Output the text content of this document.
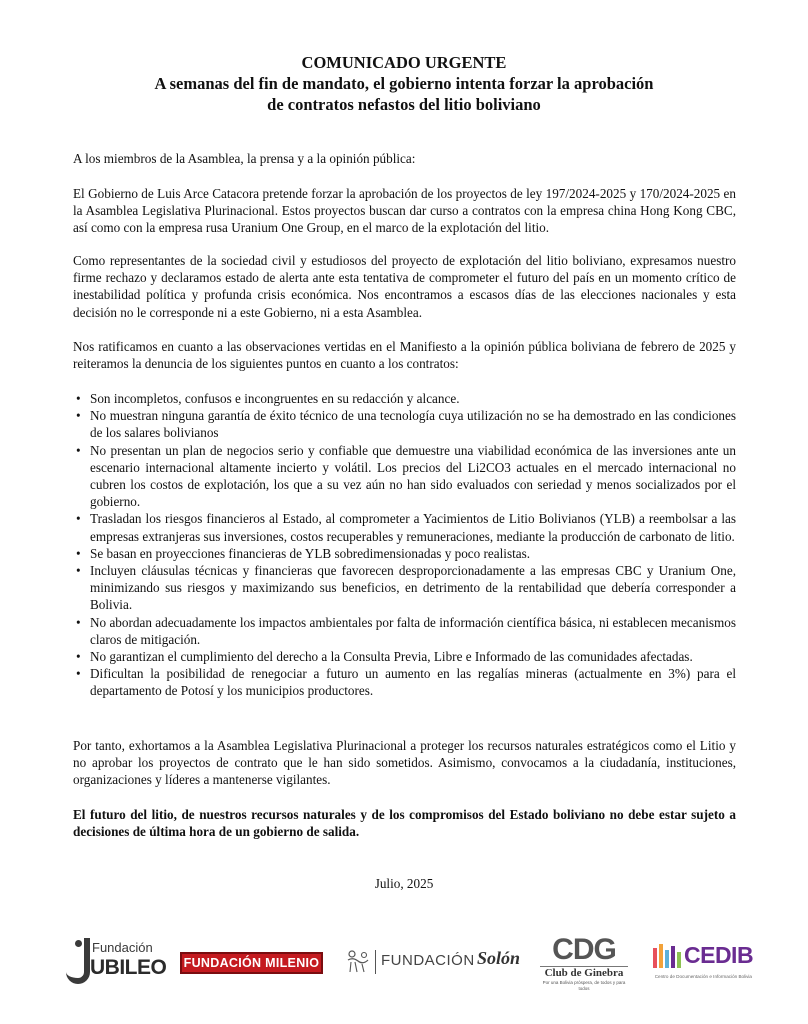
COMUNICADO URGENTE
A semanas del fin de mandato, el gobierno intenta forzar la aprobación
de contratos nefastos del litio boliviano
A los miembros de la Asamblea, la prensa y a la opinión pública:
El Gobierno de Luis Arce Catacora pretende forzar la aprobación de los proyectos de ley 197/2024-2025 y 170/2024-2025 en la Asamblea Legislativa Plurinacional. Estos proyectos buscan dar curso a contratos con la empresa china Hong Kong CBC, así como con la empresa rusa Uranium One Group, en el marco de la explotación del litio.
Como representantes de la sociedad civil y estudiosos del proyecto de explotación del litio boliviano, expresamos nuestro firme rechazo y declaramos estado de alerta ante esta tentativa de comprometer el futuro del país en un momento crítico de inestabilidad política y profunda crisis económica. Nos encontramos a escasos días de las elecciones nacionales y esta decisión no le corresponde ni a este Gobierno, ni a esta Asamblea.
Nos ratificamos en cuanto a las observaciones vertidas en el Manifiesto a la opinión pública boliviana de febrero de 2025 y reiteramos la denuncia de los siguientes puntos en cuanto a los contratos:
• Son incompletos, confusos e incongruentes en su redacción y alcance.
• No muestran ninguna garantía de éxito técnico de una tecnología cuya utilización no se ha demostrado en las condiciones de los salares bolivianos
• No presentan un plan de negocios serio y confiable que demuestre una viabilidad económica de las inversiones ante un escenario internacional altamente incierto y volátil. Los precios del Li2CO3 actuales en el mercado internacional no cubren los costos de explotación, los que a su vez aún no han sido evaluados con seriedad y menos socializados por el gobierno.
• Trasladan los riesgos financieros al Estado, al comprometer a Yacimientos de Litio Bolivianos (YLB) a reembolsar a las empresas extranjeras sus inversiones, costos recuperables y remuneraciones, mediante la producción de carbonato de litio.
• Se basan en proyecciones financieras de YLB sobredimensionadas y poco realistas.
• Incluyen cláusulas técnicas y financieras que favorecen desproporcionadamente a las empresas CBC y Uranium One, minimizando sus riesgos y maximizando sus beneficios, en detrimento de la rentabilidad que debería corresponder a Bolivia.
• No abordan adecuadamente los impactos ambientales por falta de información científica básica, ni establecen mecanismos claros de mitigación.
• No garantizan el cumplimiento del derecho a la Consulta Previa, Libre e Informado de las comunidades afectadas.
• Dificultan la posibilidad de renegociar a futuro un aumento en las regalías mineras (actualmente en 3%) para el departamento de Potosí y los municipios productores.
Por tanto, exhortamos a la Asamblea Legislativa Plurinacional a proteger los recursos naturales estratégicos como el Litio y no aprobar los proyectos de contrato que le han sido sometidos. Asimismo, convocamos a la ciudadanía, instituciones, organizaciones y líderes a mantenerse vigilantes.
El futuro del litio, de nuestros recursos naturales y de los compromisos del Estado boliviano no debe estar sujeto a decisiones de última hora de un gobierno de salida.
Julio, 2025
Fundación
UBILEO FUNDACIÓN MILENIO	FUNDACIÓN Solón	CDG
Club de Ginebra
Por una Bolivia próspera, de todos y para todos
CEDIB
Centro de Documentación e Información Bolivia
